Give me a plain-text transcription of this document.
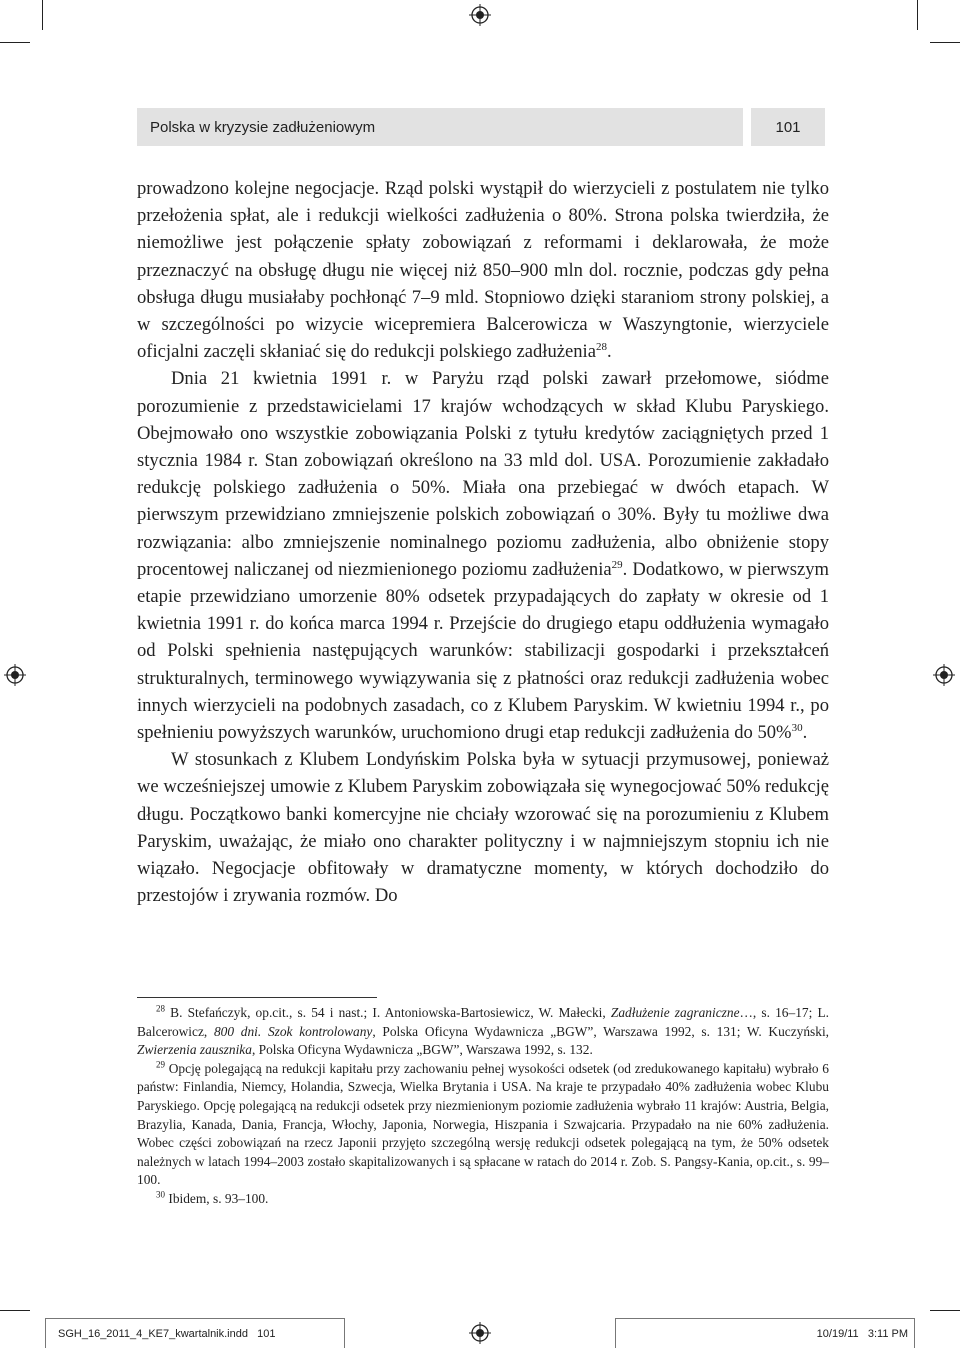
Polska w kryzysie zadłużeniowym	101

prowadzono kolejne negocjacje. Rząd polski wystąpił do wierzycieli z postulatem nie tylko przełożenia spłat, ale i redukcji wielkości zadłużenia o 80%. Strona polska twierdziła, że niemożliwe jest połączenie spłaty zobowiązań z reformami i deklarowała, że może przeznaczyć na obsługę długu nie więcej niż 850–900 mln dol. rocznie, podczas gdy pełna obsługa długu musiałaby pochłonąć 7–9 mld. Stopniowo dzięki staraniom strony polskiej, a w szczególności po wizycie wicepremiera Balcerowicza w Waszyngtonie, wierzyciele oficjalni zaczęli skłaniać się do redukcji polskiego zadłużenia$^{28}$.

Dnia 21 kwietnia 1991 r. w Paryżu rząd polski zawarł przełomowe, siódme porozumienie z przedstawicielami 17 krajów wchodzących w skład Klubu Paryskiego. Obejmowało ono wszystkie zobowiązania Polski z tytułu kredytów zaciągniętych przed 1 stycznia 1984 r. Stan zobowiązań określono na 33 mld dol. USA. Porozumienie zakładało redukcję polskiego zadłużenia o 50%. Miała ona przebiegać w dwóch etapach. W pierwszym przewidziano zmniejszenie polskich zobowiązań o 30%. Były tu możliwe dwa rozwiązania: albo zmniejszenie nominalnego poziomu zadłużenia, albo obniżenie stopy procentowej naliczanej od niezmienionego poziomu zadłużenia$^{29}$. Dodatkowo, w pierwszym etapie przewidziano umorzenie 80% odsetek przypadających do zapłaty w okresie od 1 kwietnia 1991 r. do końca marca 1994 r. Przejście do drugiego etapu oddłużenia wymagało od Polski spełnienia następujących warunków: stabilizacji gospodarki i przekształceń strukturalnych, terminowego wywiązywania się z płatności oraz redukcji zadłużenia wobec innych wierzycieli na podobnych zasadach, co z Klubem Paryskim. W kwietniu 1994 r., po spełnieniu powyższych warunków, uruchomiono drugi etap redukcji zadłużenia do 50%$^{30}$.

W stosunkach z Klubem Londyńskim Polska była w sytuacji przymusowej, ponieważ we wcześniejszej umowie z Klubem Paryskim zobowiązała się wynegocjować 50% redukcję długu. Początkowo banki komercyjne nie chciały wzorować się na porozumieniu z Klubem Paryskim, uważając, że miało ono charakter polityczny i w najmniejszym stopniu ich nie wiązało. Negocjacje obfitowały w dramatyczne momenty, w których dochodziło do przestojów i zrywania rozmów. Do

$^{28}$ B. Stefańczyk, op.cit., s. 54 i nast.; I. Antoniowska-Bartosiewicz, W. Małecki, Zadłużenie zagraniczne…, s. 16–17; L. Balcerowicz, 800 dni. Szok kontrolowany, Polska Oficyna Wydawnicza „BGW”, Warszawa 1992, s. 131; W. Kuczyński, Zwierzenia zausznika, Polska Oficyna Wydawnicza „BGW”, Warszawa 1992, s. 132.

$^{29}$ Opcję polegającą na redukcji kapitału przy zachowaniu pełnej wysokości odsetek (od zredukowanego kapitału) wybrało 6 państw: Finlandia, Niemcy, Holandia, Szwecja, Wielka Brytania i USA. Na kraje te przypadało 40% zadłużenia wobec Klubu Paryskiego. Opcję polegającą na redukcji odsetek przy niezmienionym poziomie zadłużenia wybrało 11 krajów: Austria, Belgia, Brazylia, Kanada, Dania, Francja, Włochy, Japonia, Norwegia, Hiszpania i Szwajcaria. Przypadało na nie 60% zadłużenia. Wobec części zobowiązań na rzecz Japonii przyjęto szczególną wersję redukcji odsetek polegającą na tym, że 50% odsetek należnych w latach 1994–2003 zostało skapitalizowanych i są spłacane w ratach do 2014 r. Zob. S. Pangsy-Kania, op.cit., s. 99–100.

$^{30}$ Ibidem, s. 93–100.

SGH_16_2011_4_KE7_kwartalnik.indd   101	10/19/11   3:11 PM
